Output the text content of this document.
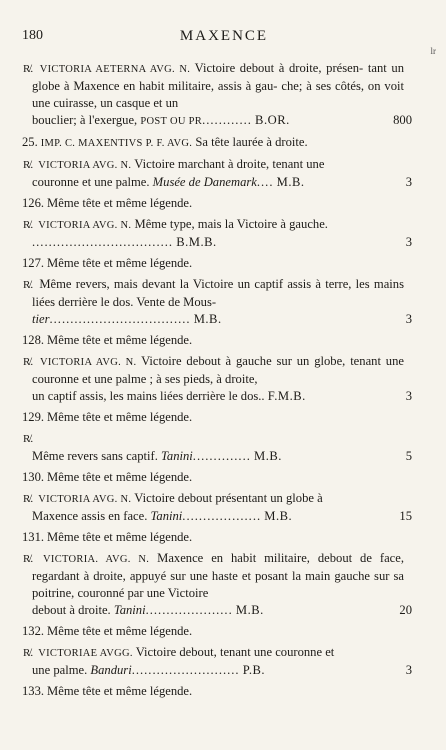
180	MAXENCE
lr

R̸. VICTORIA AETERNA AVG. N. Victoire debout à droite, présen- tant un globe à Maxence en habit militaire, assis à gau- che; à ses côtés, on voit une cuirasse, un casque et un
bouclier; à l'exergue, POST OU PR............ B.OR.	800

25. IMP. C. MAXENTIVS P. F. AVG. Sa tête laurée à droite.

R̸. VICTORIA AVG. N. Victoire marchant à droite, tenant une
couronne et une palme. Musée de Danemark.... M.B.	3

126. Même tête et même légende.

R̸. VICTORIA AVG. N. Même type, mais la Victoire à gauche.
.................................. B.M.B.	3

127. Même tête et même légende.

R̸. Même revers, mais devant la Victoire un captif assis à terre, les mains liées derrière le dos. Vente de Mous-
tier.................................. M.B.	3

128. Même tête et même légende.

R̸. VICTORIA AVG. N. Victoire debout à gauche sur un globe, tenant une couronne et une palme ; à ses pieds, à droite,
un captif assis, les mains liées derrière le dos.. F.M.B.	3

129. Même tête et même légende.

R̸.
Même revers sans captif. Tanini.............. M.B.	5

130. Même tête et même légende.

R̸. VICTORIA AVG. N. Victoire debout présentant un globe à
Maxence assis en face. Tanini................... M.B.	15

131. Même tête et même légende.

R̸. VICTORIA. AVG. N. Maxence en habit militaire, debout de face, regardant à droite, appuyé sur une haste et posant la main gauche sur sa poitrine, couronné par une Victoire
debout à droite. Tanini..................... M.B.	20

132. Même tête et même légende.

R̸. VICTORIAE AVGG. Victoire debout, tenant une couronne et
une palme. Banduri.......................... P.B.	3

133. Même tête et même légende.
